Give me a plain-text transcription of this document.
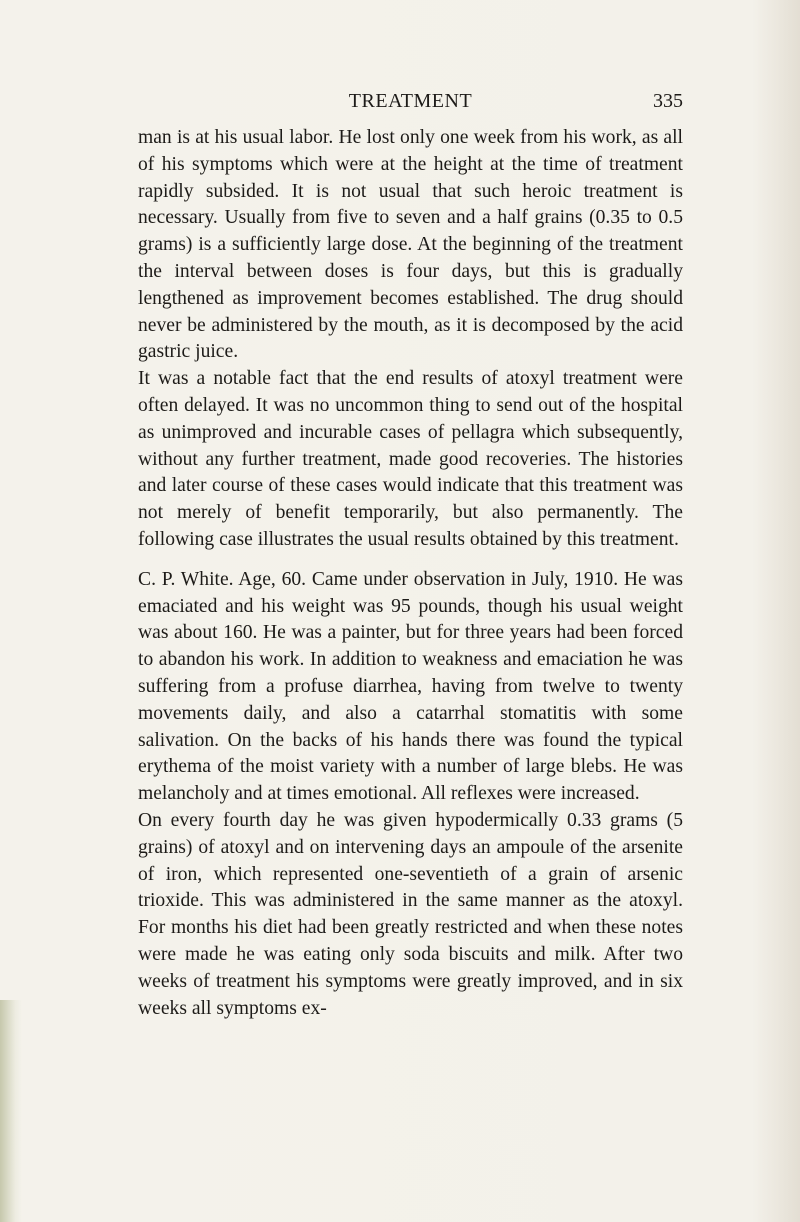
TREATMENT	335

man is at his usual labor. He lost only one week from his work, as all of his symptoms which were at the height at the time of treatment rapidly subsided. It is not usual that such heroic treatment is necessary. Usually from five to seven and a half grains (0.35 to 0.5 grams) is a sufficiently large dose. At the beginning of the treatment the interval between doses is four days, but this is gradually lengthened as improvement becomes established. The drug should never be administered by the mouth, as it is decomposed by the acid gastric juice.

It was a notable fact that the end results of atoxyl treatment were often delayed. It was no uncommon thing to send out of the hospital as unimproved and incurable cases of pellagra which subsequently, without any further treatment, made good recoveries. The histories and later course of these cases would indicate that this treatment was not merely of benefit temporarily, but also permanently. The following case illustrates the usual results obtained by this treatment.

C. P. White. Age, 60. Came under observation in July, 1910. He was emaciated and his weight was 95 pounds, though his usual weight was about 160. He was a painter, but for three years had been forced to abandon his work. In addition to weakness and emaciation he was suffering from a profuse diarrhea, having from twelve to twenty movements daily, and also a catarrhal stomatitis with some salivation. On the backs of his hands there was found the typical erythema of the moist variety with a number of large blebs. He was melancholy and at times emotional. All reflexes were increased.

On every fourth day he was given hypodermically 0.33 grams (5 grains) of atoxyl and on intervening days an ampoule of the arsenite of iron, which represented one-seventieth of a grain of arsenic trioxide. This was administered in the same manner as the atoxyl. For months his diet had been greatly restricted and when these notes were made he was eating only soda biscuits and milk. After two weeks of treatment his symptoms were greatly improved, and in six weeks all symptoms ex-
